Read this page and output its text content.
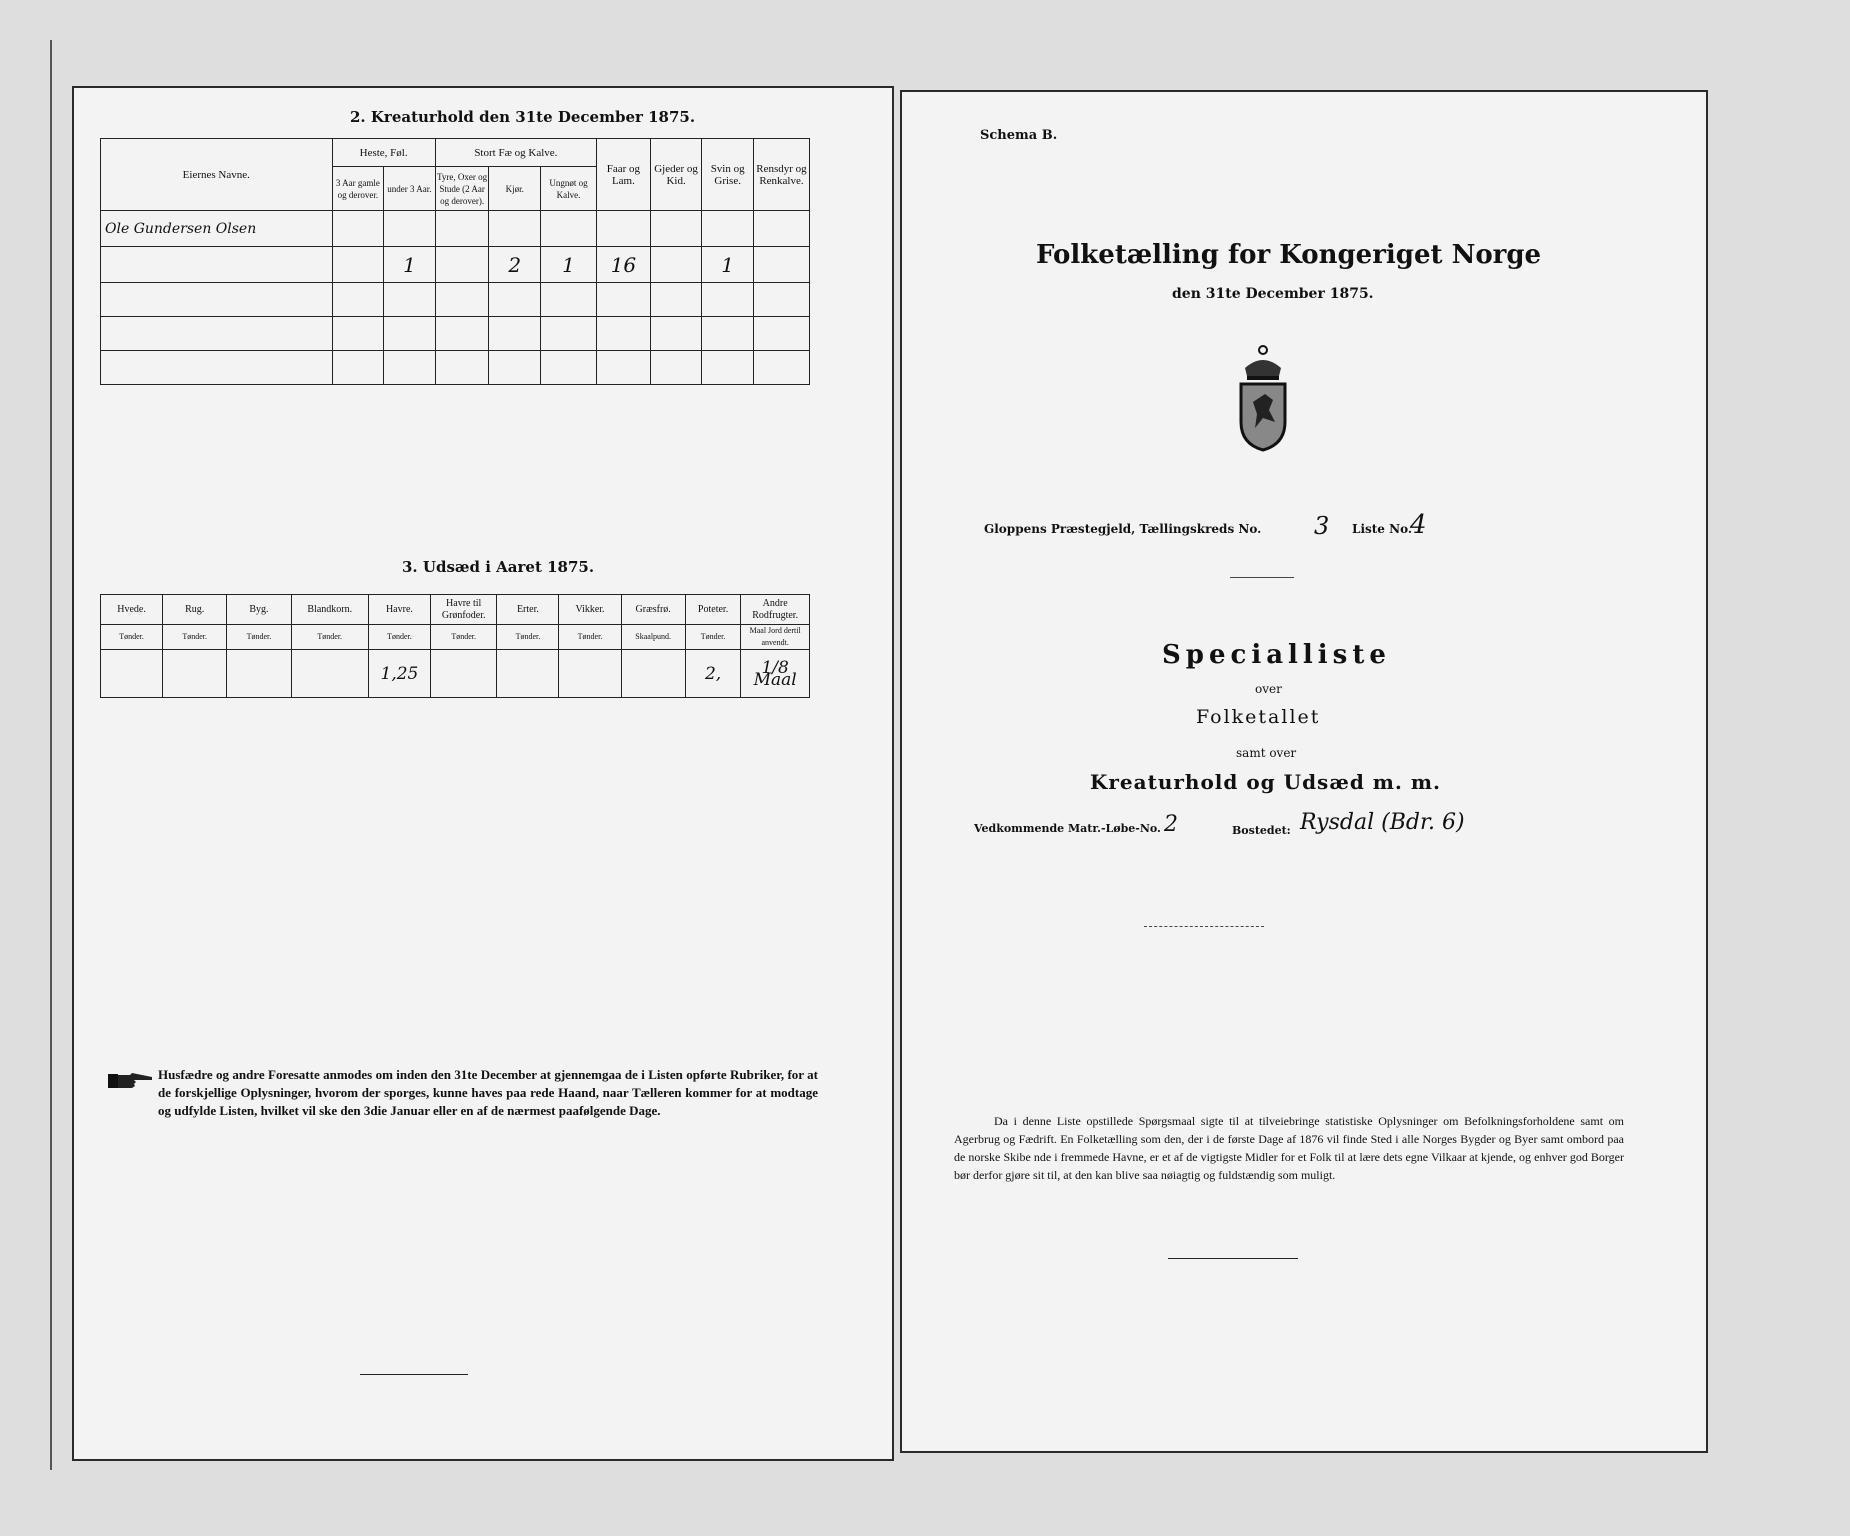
2. Kreaturhold den 31te December 1875.
Eiernes Navne.	Heste, Føl.		Stort Fæ og Kalve.			Faar og Lam.	Gjeder og Kid.	Svin og Grise.	Rensdyr og Renkalve.
	3 Aar gamle og derover.	under 3 Aar.	Tyre, Oxer og Stude (2 Aar og derover).	Kjør.	Ungnøt og Kalve.				
Ole Gundersen Olsen									
		1		2	1	16		1	

3. Udsæd i Aaret 1875.
Hvede.	Rug.	Byg.	Blandkorn.	Havre.	Havre til Grønfoder.	Erter.	Vikker.	Græsfrø.	Poteter.	Andre Rodfrugter.
Tønder.	Tønder.	Tønder.	Tønder.	Tønder.	Tønder.	Tønder.	Tønder.	Skaalpund.	Tønder.	Maal Jord dertil anvendt.
				1,25					2,	1/8 Maal
Husfædre og andre Foresatte anmodes om inden den 31te December at gjennemgaa de i Listen opførte Rubriker, for at de forskjellige Oplysninger, hvorom der sporges, kunne haves paa rede Haand, naar Tælleren kommer for at modtage og udfylde Listen, hvilket vil ske den 3die Januar eller en af de nærmest paafølgende Dage.
Schema B.
Folketælling for Kongeriget Norge
den 31te December 1875.
Gloppens Præstegjeld, Tællingskreds No. 3 Liste No.
4
Specialliste
over
Folketallet
samt over
Kreaturhold og Udsæd m. m.
Vedkommende Matr.-Løbe-No. 2	Bostedet: Rysdal (Bdr. 6)
Da i denne Liste opstillede Spørgsmaal sigte til at tilveiebringe statistiske Oplysninger om Befolkningsforholdene samt om Agerbrug og Fædrift. En Folketælling som den, der i de første Dage af 1876 vil finde Sted i alle Norges Bygder og Byer samt ombord paa de norske Skibe nde i fremmede Havne, er et af de vigtigste Midler for et Folk til at lære dets egne Vilkaar at kjende, og enhver god Borger bør derfor gjøre sit til, at den kan blive saa nøiagtig og fuldstændig som muligt.
